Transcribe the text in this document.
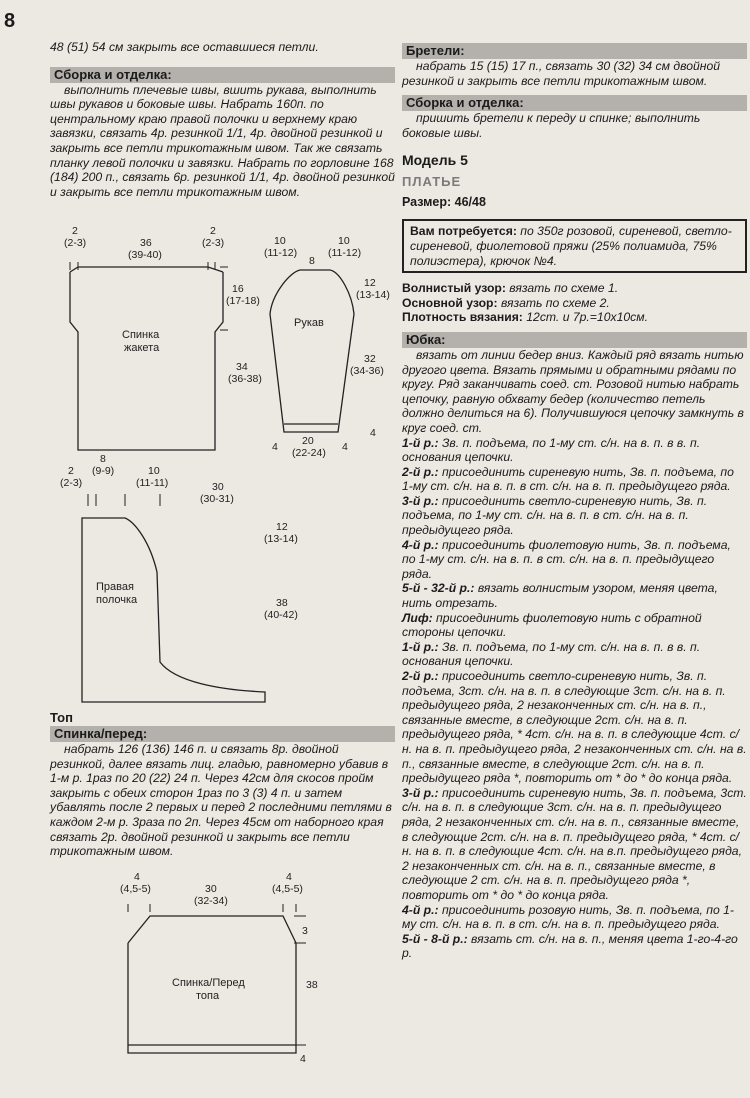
8

48 (51) 54 см закрыть все оставшиеся петли.

Сборка и отделка:

выполнить плечевые швы, вшить рукава, выполнить швы рукавов и боковые швы. Набрать 160п. по центральному краю правой полочки и верхнему краю завязки, связать 4р. резинкой 1/1, 4р. двойной резинкой и закрыть все петли трикотажным швом. Так же связать планку левой полочки и завязки. Набрать по горловине 168 (184) 200 п., связать 6р. резинкой 1/1, 4р. двойной резинкой и закрыть все петли трикотажным швом.

2
(2-3)	36
(39-40)
2
(2-3)
16
(17-18)
34
(36-38)
Спинка
жакета
10
(11-12)
8
10
(11-12)
12
(13-14)
32
(34-36)
20
(22-24)
4	4
4
Рукав
2
(2-3)
8
(9-9)	10
(11-11)	30
(30-31)
12
(13-14)
38
(40-42)
Правая
полочка
Топ
Спинка/перед:

набрать 126 (136) 146 п. и связать 8р. двойной резинкой, далее вязать лиц. гладью, равномерно убавив в 1-м р. 1раз по 20 (22) 24 п. Через 42см для скосов пройм закрыть с обеих сторон 1раз по 3 (3) 4 п. и затем убавлять после 2 первых и перед 2 последними петлями в каждом 2-м р. 3раза по 2п. Через 45см от наборного края связать 2р. двойной резинкой и закрыть все петли трикотажным швом.

4
(4,5-5)	30
(32-34)
4
(4,5-5)
3
38
4
Спинка/Перед
топа
Бретели:

набрать 15 (15) 17 п., связать 30 (32) 34 см двойной резинкой и закрыть все петли трикотажным швом.

Сборка и отделка:

пришить бретели к переду и спинке; выполнить боковые швы.

Модель 5
ПЛАТЬЕ
Размер: 46/48
Вам потребуется: по 350г розовой, сиреневой, светло-сиреневой, фиолетовой пряжи (25% полиамида, 75% полиэстера), крючок №4.

Волнистый узор: вязать по схеме 1.

Основной узор: вязать по схеме 2.

Плотность вязания: 12ст. и 7р.=10x10см.

Юбка:

вязать от линии бедер вниз. Каждый ряд вязать нитью другого цвета. Вязать прямыми и обратными рядами по кругу. Ряд заканчивать соед. ст. Розовой нитью набрать цепочку, равную обхвату бедер (количество петель должно делиться на 6). Получившуюся цепочку замкнуть в круг соед. ст.

1-й р.: Зв. п. подъема, по 1-му ст. с/н. на в. п. в в. п. основания цепочки.

2-й р.: присоединить сиреневую нить, Зв. п. подъема, по 1-му ст. с/н. на в. п. в ст. с/н. на в. п. предыдущего ряда.

3-й р.: присоединить светло-сиреневую нить, Зв. п. подъема, по 1-му ст. с/н. на в. п. в ст. с/н. на в. п. предыдущего ряда.

4-й р.: присоединить фиолетовую нить, Зв. п. подъема, по 1-му ст. с/н. на в. п. в ст. с/н. на в. п. предыдущего ряда.

5-й - 32-й р.: вязать волнистым узором, меняя цвета, нить отрезать.

Лиф: присоединить фиолетовую нить с обратной стороны цепочки.

1-й р.: Зв. п. подъема, по 1-му ст. с/н. на в. п. в в. п. основания цепочки.

2-й р.: присоединить светло-сиреневую нить, Зв. п. подъема, 3ст. с/н. на в. п. в следующие 3ст. с/н. на в. п. предыдущего ряда, 2 незаконченных ст. с/н. на в. п., связанные вместе, в следующие 2ст. с/н. на в. п. предыдущего ряда, * 4ст. с/н. на в. п. в следующие 4ст. с/н. на в. п. предыдущего ряда, 2 незаконченных ст. с/н. на в. п., связанные вместе, в следующие 2ст. с/н. на в. п. предыдущего ряда *, повторить от * до * до конца ряда.

3-й р.: присоединить сиреневую нить, Зв. п. подъема, 3ст. с/н. на в. п. в следующие 3ст. с/н. на в. п. предыдущего ряда, 2 незаконченных ст. с/н. на в. п., связанные вместе, в следующие 2ст. с/н. на в. п. предыдущего ряда, * 4ст. с/н. на в. п. в следующие 4ст. с/н. на в.п. предыдущего ряда, 2 незаконченных ст. с/н. на в. п., связанные вместе, в следующие 2 ст. с/н. на в. п. предыдущего ряда *, повторить от * до * до конца ряда.

4-й р.: присоединить розовую нить, Зв. п. подъема, по 1-му ст. с/н. на в. п. в ст. с/н. на в. п. предыдущего ряда.

5-й - 8-й р.: вязать ст. с/н. на в. п., меняя цвета 1-го-4-го р.
